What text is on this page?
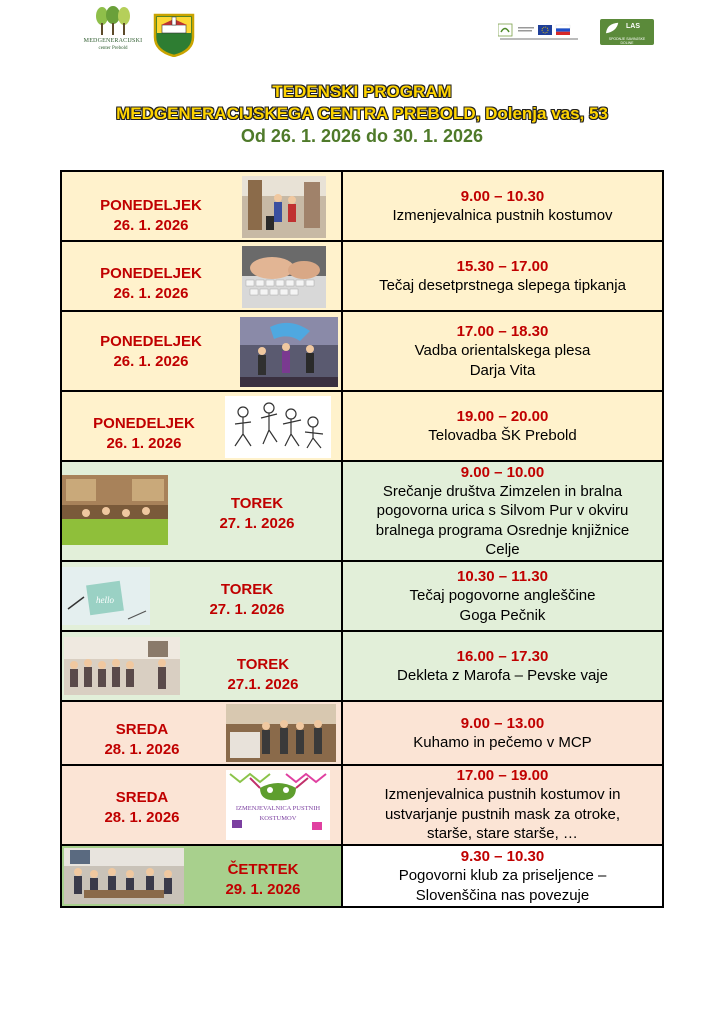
MEDGENERACIJSKI
center Prebold
LAS
SPODNJE SAVINJSKE DOLINE
TEDENSKI PROGRAM
MEDGENERACIJSKEGA CENTRA PREBOLD, Dolenja vas, 53
Od 26. 1. 2026 do 30. 1. 2026
PONEDELJEK
26. 1. 2026
9.00 – 10.30
Izmenjevalnica pustnih kostumov
PONEDELJEK
26. 1. 2026
15.30 – 17.00
Tečaj desetprstnega slepega tipkanja
PONEDELJEK
26. 1. 2026
17.00 – 18.30
Vadba orientalskega plesa
Darja Vita
PONEDELJEK
26. 1. 2026
19.00 – 20.00
Telovadba ŠK Prebold
TOREK
27. 1. 2026
9.00 – 10.00
Srečanje društva Zimzelen in bralna
pogovorna urica s Silvom Pur v okviru
bralnega programa Osrednje knjižnice
Celje
hello
TOREK
27. 1. 2026
10.30 – 11.30
Tečaj pogovorne angleščine
Goga Pečnik
TOREK
27.1. 2026
16.00 – 17.30
Dekleta z Marofa – Pevske vaje
SREDA
28. 1. 2026
9.00 – 13.00
Kuhamo in pečemo v MCP
SREDA
28. 1. 2026
IZMENJEVALNICA PUSTNIH
KOSTUMOV
17.00 – 19.00
Izmenjevalnica pustnih kostumov in
ustvarjanje pustnih mask za otroke,
starše, stare starše, …
ČETRTEK
29. 1. 2026
9.30 – 10.30
Pogovorni klub za priseljence –
Slovenščina nas povezuje
